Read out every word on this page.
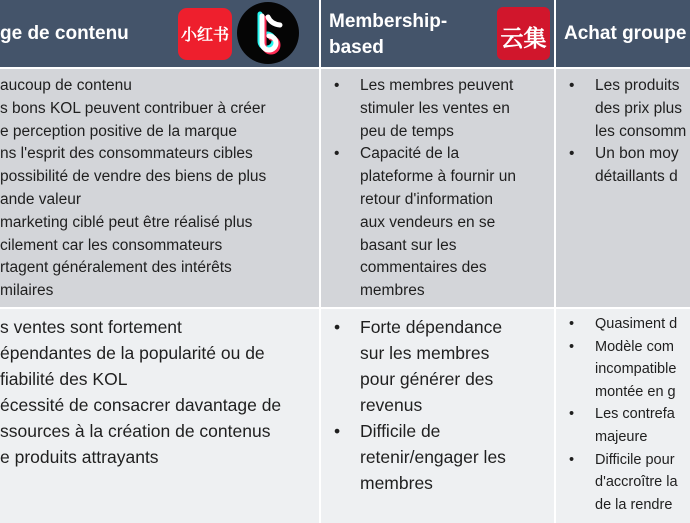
ge de contenu	小红书
Membership-
based	云集 Achat groupe
aucoup de contenu
s bons KOL peuvent contribuer à créer
e perception positive de la marque
ns l'esprit des consommateurs cibles
possibilité de vendre des biens de plus
ande valeur
marketing ciblé peut être réalisé plus
cilement car les consommateurs
rtagent généralement des intérêts
milaires
• Les membres peuvent
stimuler les ventes en
peu de temps
• Capacité de la
plateforme à fournir un
retour d'information
aux vendeurs en se
basant sur les
commentaires des
membres
• Les produits
des prix plus
les consomm
• Un bon moy
détaillants d
s ventes sont fortement
épendantes de la popularité ou de
fiabilité des KOL
écessité de consacrer davantage de
ssources à la création de contenus
e produits attrayants
• Forte dépendance
sur les membres
pour générer des
revenus
• Difficile de
retenir/engager les
membres
• Quasiment d
• Modèle com
incompatible
montée en g
• Les contrefa
majeure
• Difficile pour
d'accroître la
de la rendre
